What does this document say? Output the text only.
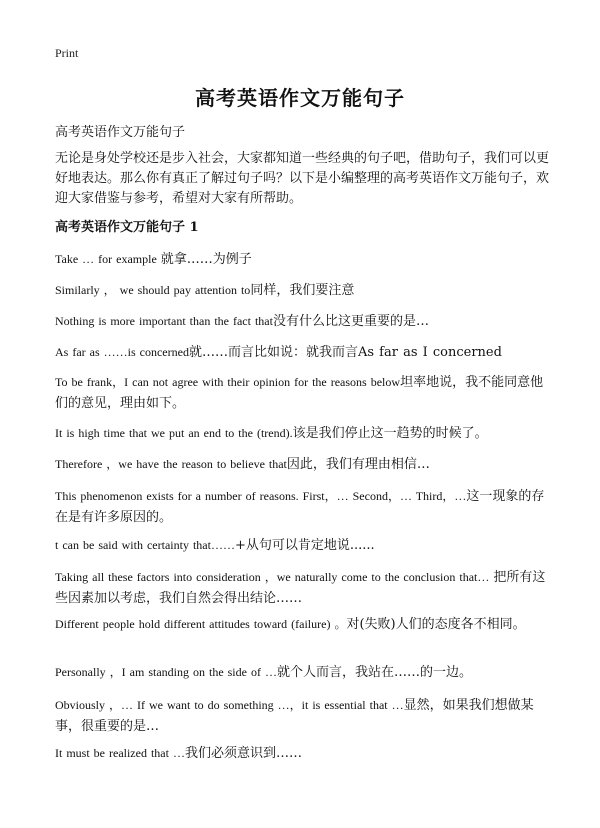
Print
高考英语作文万能句子
高考英语作文万能句子
无论是身处学校还是步入社会，大家都知道一些经典的句子吧，借助句子，我们可以更好地表达。那么你有真正了解过句子吗？以下是小编整理的高考英语作文万能句子，欢迎大家借鉴与参考，希望对大家有所帮助。
高考英语作文万能句子 1
Take … for example 就拿……为例子
Similarly ， we should pay attention to同样，我们要注意
Nothing is more important than the fact that没有什么比这更重要的是…
As far as ……is concerned就……而言比如说：就我而言As far as I concerned
To be frank，I can not agree with their opinion for the reasons below坦率地说，我不能同意他们的意见，理由如下。
It is high time that we put an end to the (trend).该是我们停止这一趋势的时候了。
Therefore ，we have the reason to believe that因此，我们有理由相信…
This phenomenon exists for a number of reasons. First，… Second，… Third，…这一现象的存在是有许多原因的。
t can be said with certainty that……+从句可以肯定地说......
Taking all these factors into consideration ，we naturally come to the conclusion that… 把所有这些因素加以考虑，我们自然会得出结论……
Different people hold different attitudes toward (failure) 。对(失败)人们的态度各不相同。
Personally ，I am standing on the side of …就个人而言，我站在……的一边。
Obviously ，… If we want to do something …，it is essential that …显然，如果我们想做某事，很重要的是…
It must be realized that …我们必须意识到……
